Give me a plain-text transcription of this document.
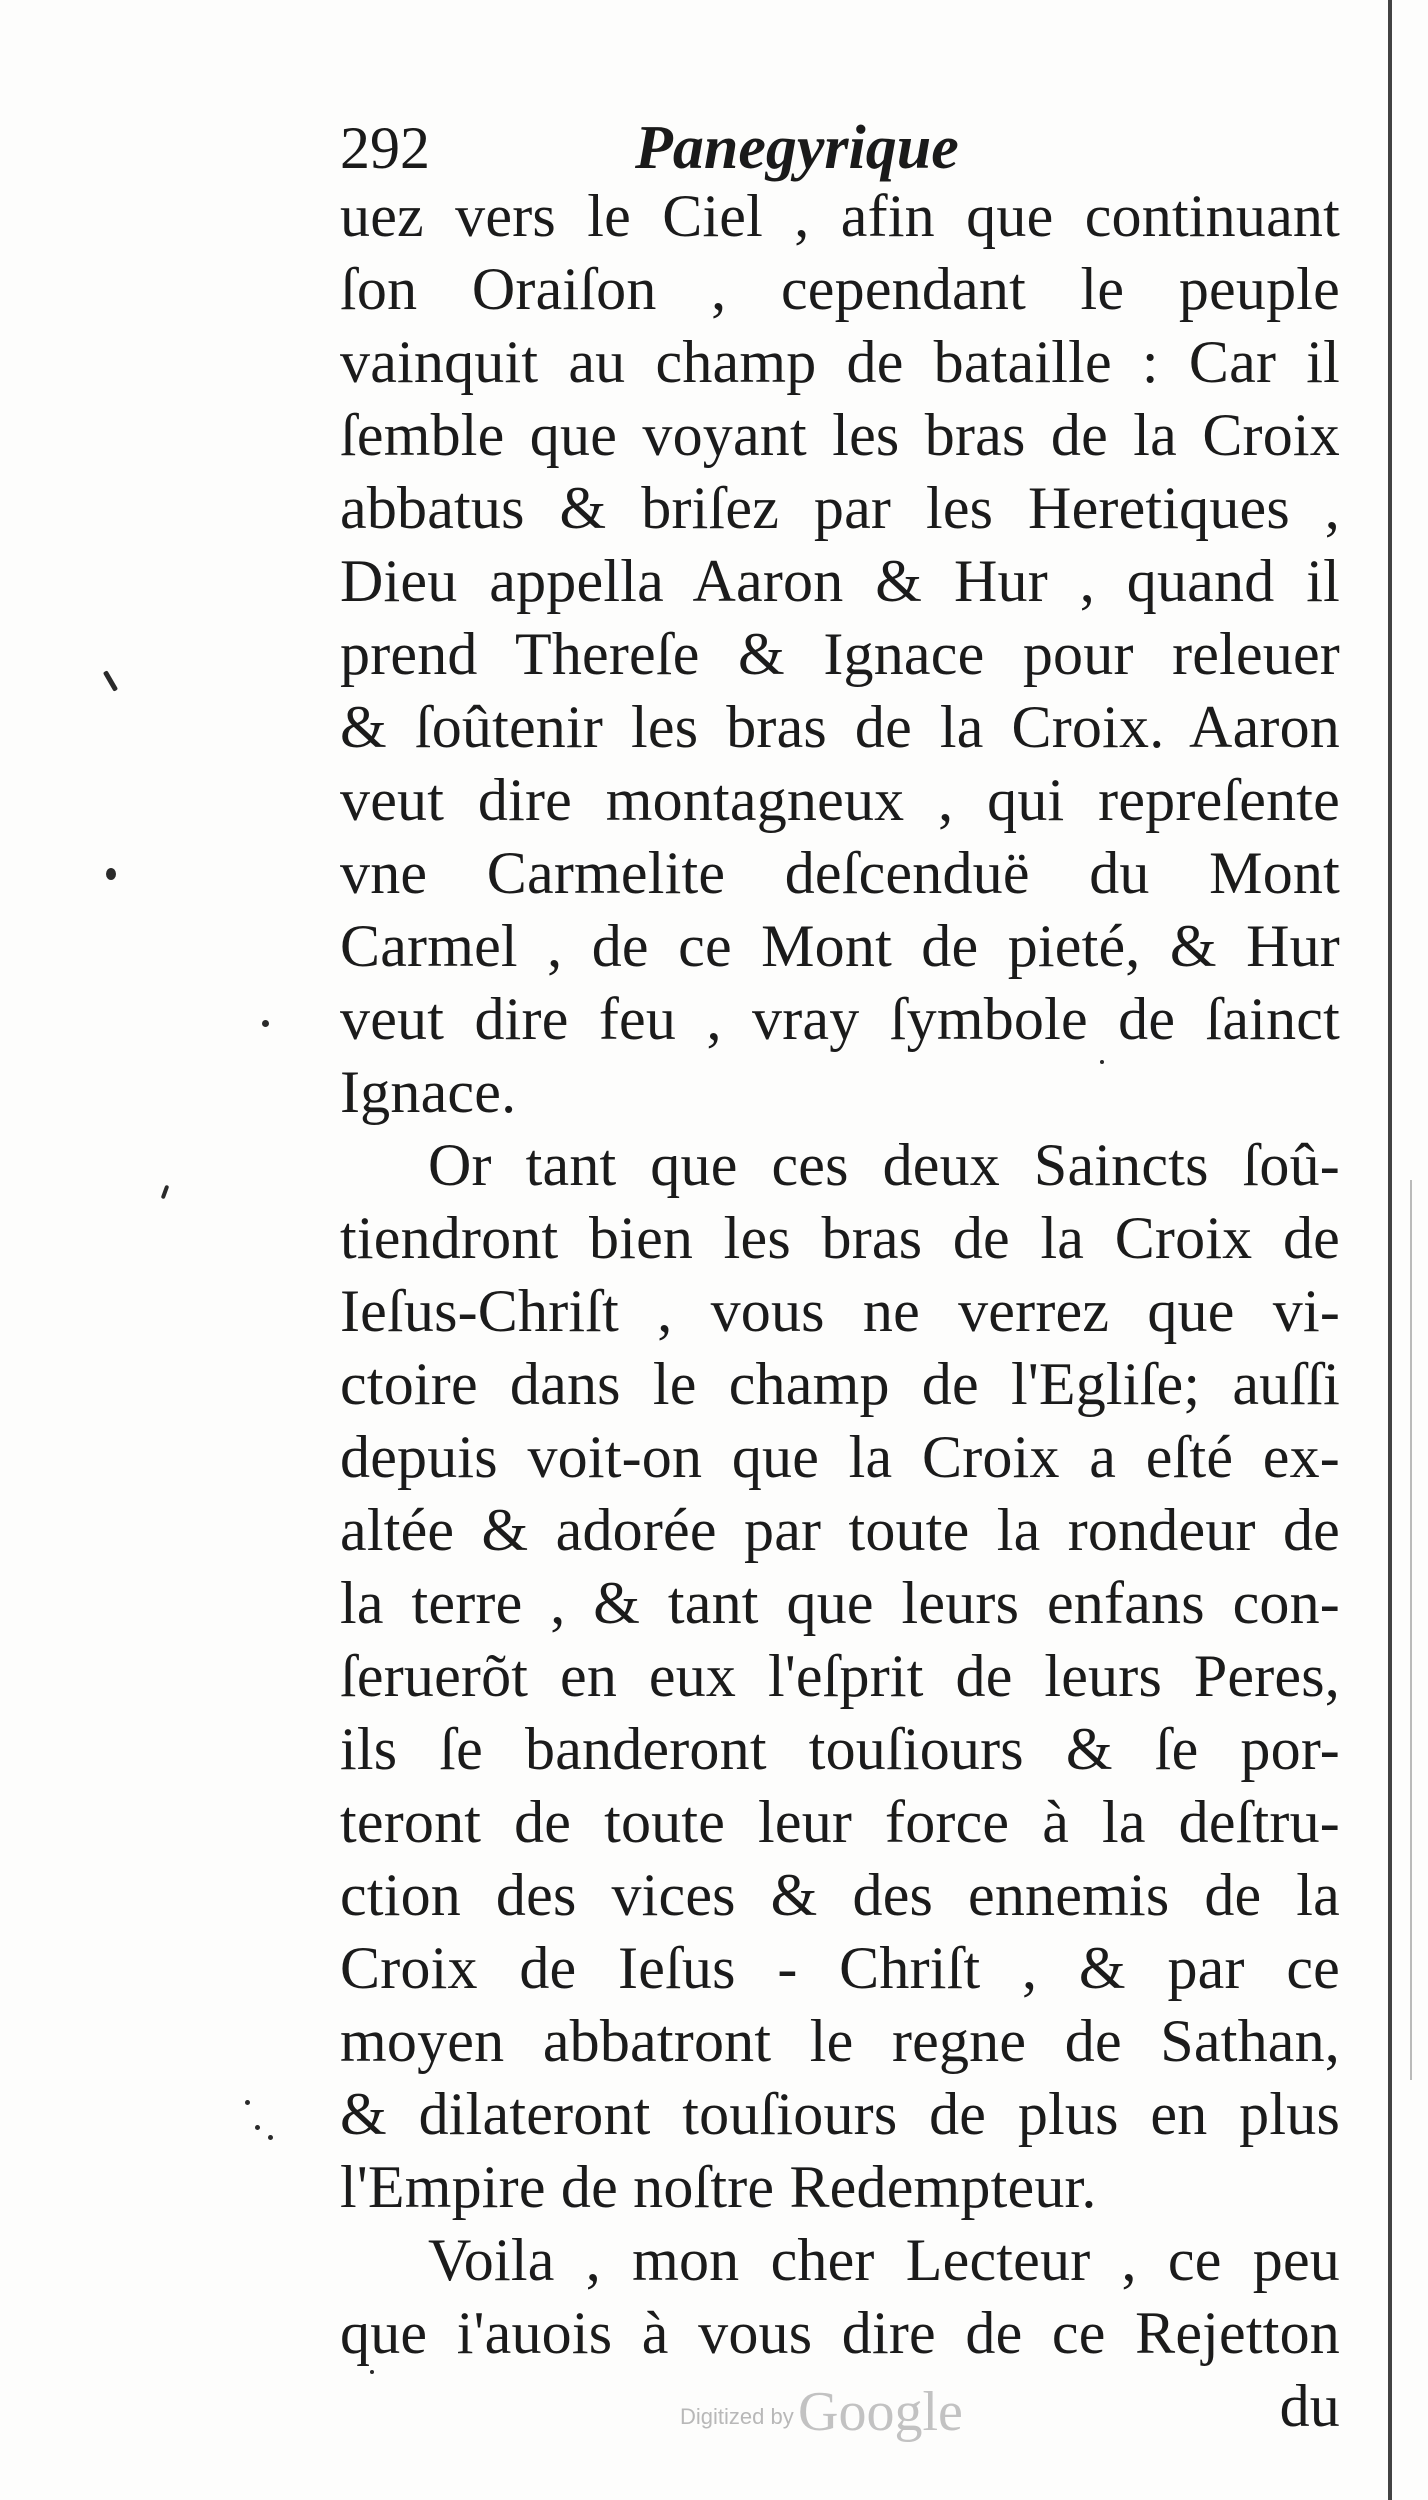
292	Panegyrique
uez vers le Ciel , afin que continuant
ſon Oraiſon , cependant le peuple
vainquit au champ de bataille : Car il
ſemble que voyant les bras de la Croix
abbatus & briſez par les Heretiques ,
Dieu appella Aaron & Hur , quand il
prend Thereſe & Ignace pour releuer
& ſoûtenir les bras de la Croix. Aaron
veut dire montagneux , qui repreſente
vne Carmelite deſcenduë du Mont
Carmel , de ce Mont de pieté, & Hur
veut dire feu , vray ſymbole de ſainct
Ignace.
Or tant que ces deux Saincts ſoû-
tiendront bien les bras de la Croix de
Ieſus-Chriſt , vous ne verrez que vi-
ctoire dans le champ de l'Egliſe; auſſi
depuis voit-on que la Croix a eſté ex-
altée & adorée par toute la rondeur de
la terre , & tant que leurs enfans con-
ſeruerõt en eux l'eſprit de leurs Peres,
ils ſe banderont touſiours & ſe por-
teront de toute leur force à la deſtru-
ction des vices & des ennemis de la
Croix de Ieſus - Chriſt , & par ce
moyen abbatront le regne de Sathan,
& dilateront touſiours de plus en plus
l'Empire de noſtre Redempteur.
Voila , mon cher Lecteur , ce peu
que i'auois à vous dire de ce Rejetton
du
Digitized by Google
